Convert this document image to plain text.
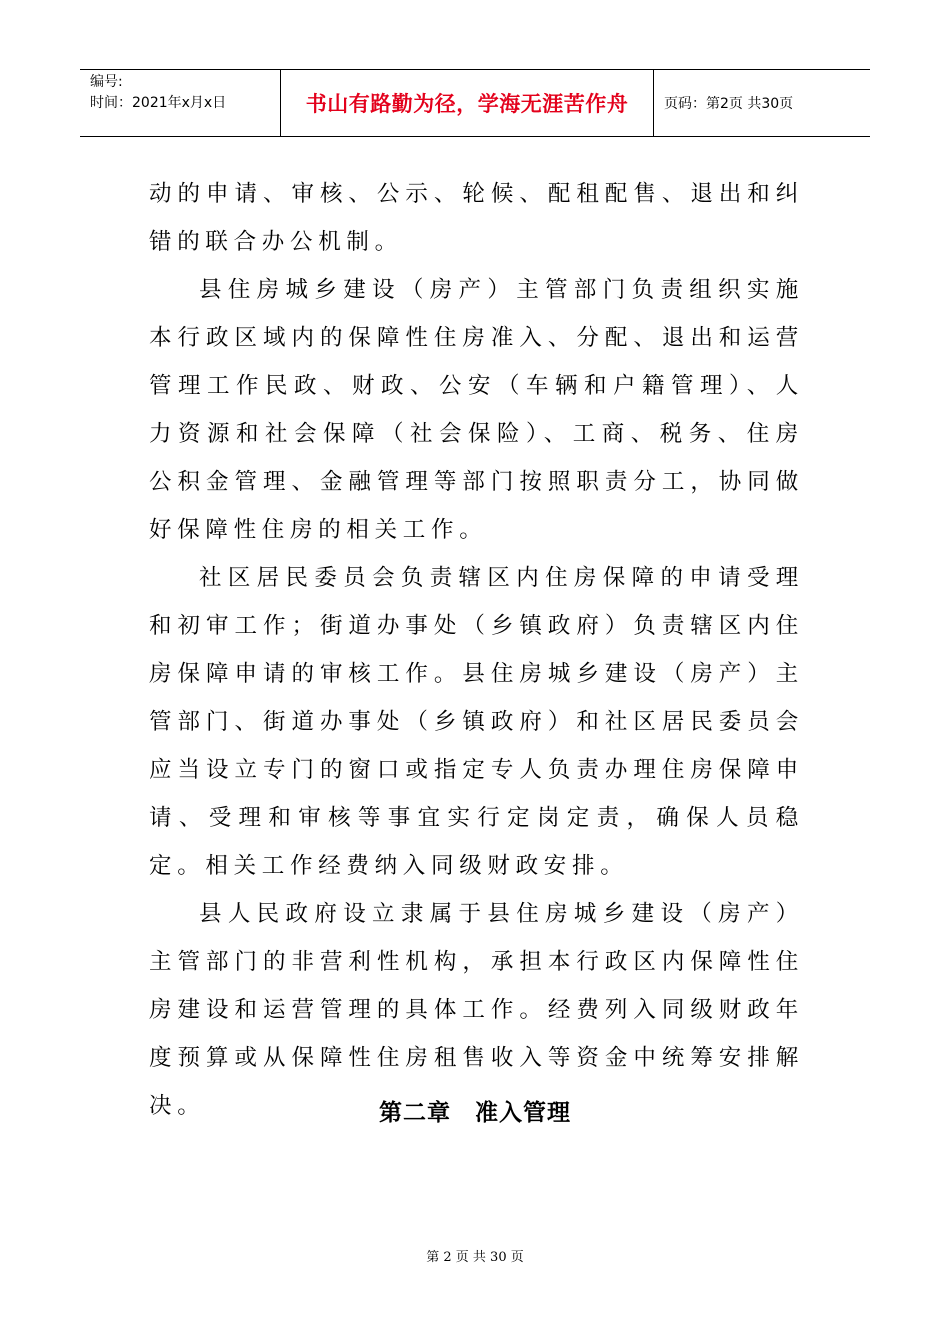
编号:
时间：2021年x月x日	书山有路勤为径，学海无涯苦作舟	页码：第2页 共30页

动的申请、审核、公示、轮候、配租配售、退出和纠错的联合办公机制。

县住房城乡建设（房产）主管部门负责组织实施本行政区域内的保障性住房准入、分配、退出和运营管理工作民政、财政、公安（车辆和户籍管理）、人力资源和社会保障（社会保险）、工商、税务、住房公积金管理、金融管理等部门按照职责分工，协同做好保障性住房的相关工作。

社区居民委员会负责辖区内住房保障的申请受理和初审工作；街道办事处（乡镇政府）负责辖区内住房保障申请的审核工作。县住房城乡建设（房产）主管部门、街道办事处（乡镇政府）和社区居民委员会应当设立专门的窗口或指定专人负责办理住房保障申请、受理和审核等事宜实行定岗定责，确保人员稳定。相关工作经费纳入同级财政安排。

县人民政府设立隶属于县住房城乡建设（房产）主管部门的非营利性机构，承担本行政区内保障性住房建设和运营管理的具体工作。经费列入同级财政年度预算或从保障性住房租售收入等资金中统筹安排解决。	第二章　准入管理
第 2 页 共 30 页
